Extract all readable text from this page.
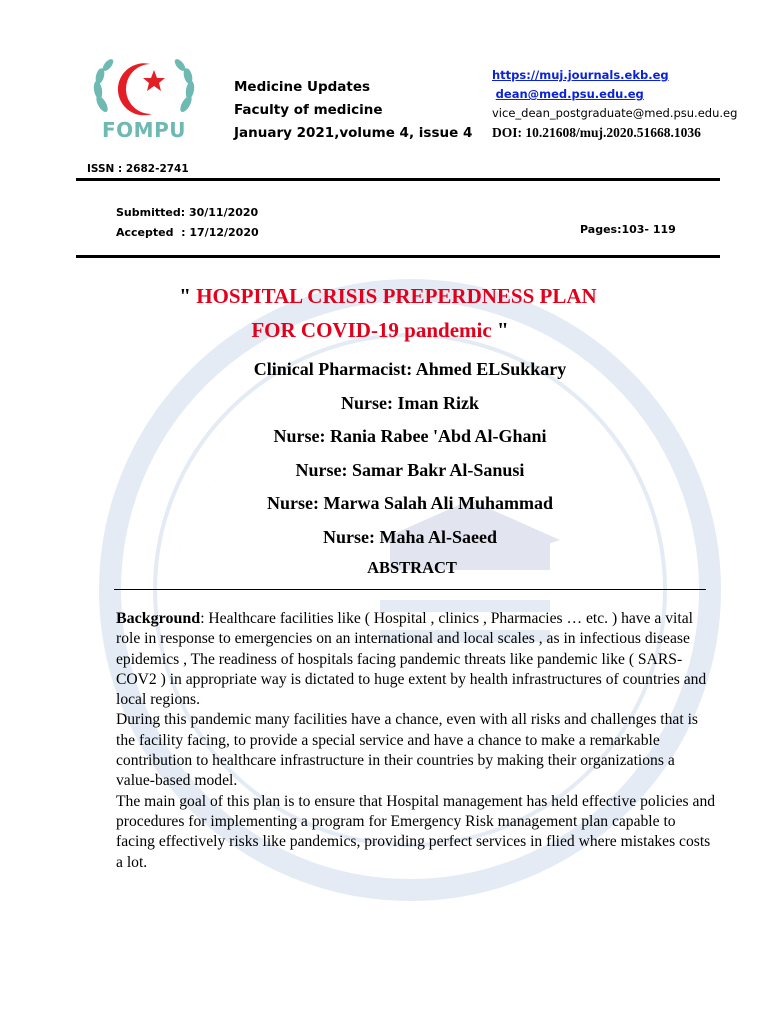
FOMPU
Medicine Updates
Faculty of medicine
January 2021,volume 4, issue 4
https://muj.journals.ekb.eg
dean@med.psu.edu.eg
vice_dean_postgraduate@med.psu.edu.eg
DOI: 10.21608/muj.2020.51668.1036
ISSN : 2682-2741
Submitted: 30/11/2020
Accepted  : 17/12/2020	Pages:103- 119
" HOSPITAL CRISIS PREPERDNESS PLAN
FOR COVID-19 pandemic "
Clinical Pharmacist: Ahmed ELSukkary
Nurse: Iman Rizk
Nurse: Rania Rabee 'Abd Al-Ghani
Nurse: Samar Bakr Al-Sanusi
Nurse: Marwa Salah Ali Muhammad
Nurse: Maha Al-Saeed
ABSTRACT

Background: Healthcare facilities like ( Hospital , clinics , Pharmacies … etc. ) have a vital role in response to emergencies on an international and local scales , as in infectious disease epidemics , The readiness of hospitals facing pandemic threats like pandemic like ( SARS-COV2 ) in appropriate way is dictated to huge extent by health infrastructures of countries and local regions.

During this pandemic many facilities have a chance, even with all risks and challenges that is the facility facing, to provide a special service and have a chance to make a remarkable contribution to healthcare infrastructure in their countries by making their organizations a value-based model.

The main goal of this plan is to ensure that Hospital management has held effective policies and procedures for implementing a program for Emergency Risk management plan capable to facing effectively risks like pandemics, providing perfect services in flied where mistakes costs a lot.
